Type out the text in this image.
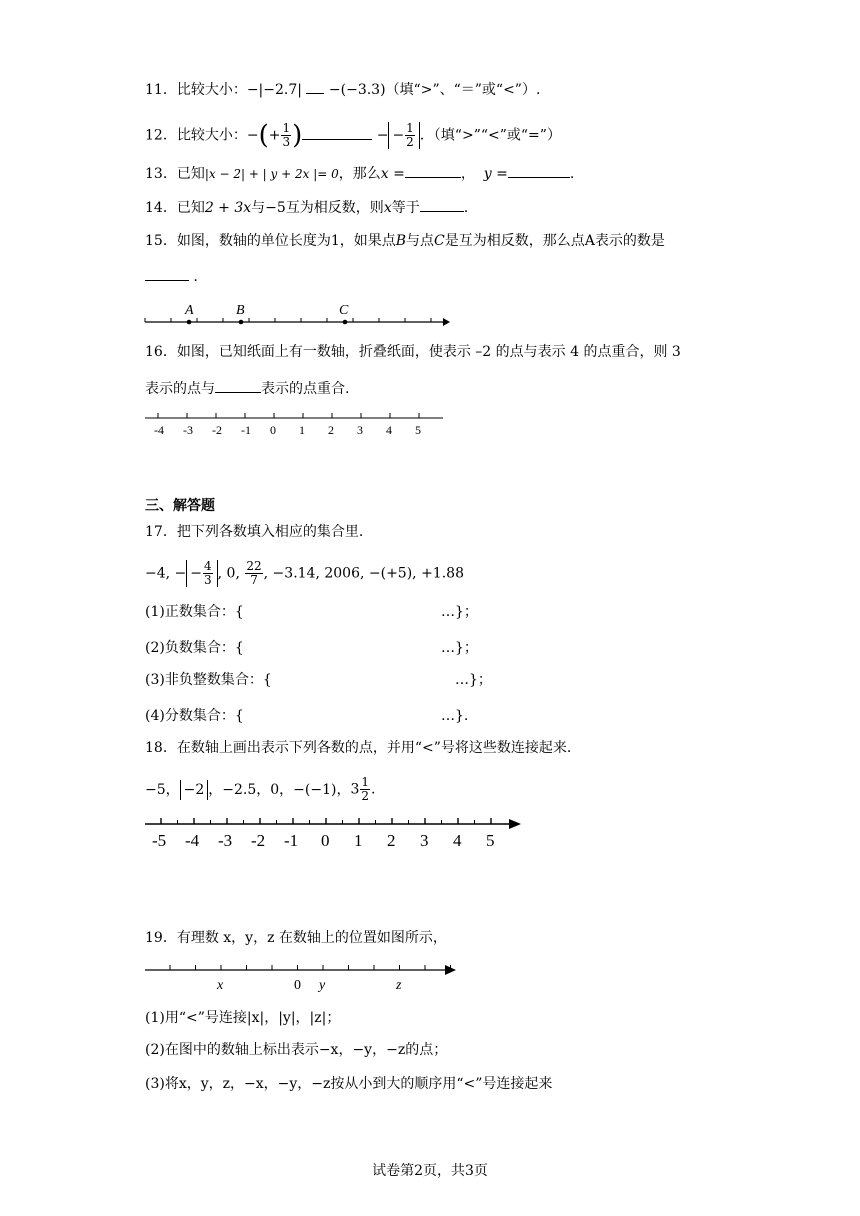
11．比较大小：−|−2.7| −(−3.3)（填“>”、“＝”或“<”）.
12．比较大小：−(+ $\frac{1}{3}$ )	− − $\frac{1}{2}$ ．（填“>”“<”或“=”）
13．已知|x − 2| + | y + 2x |= 0，那么x =	， y =	.
14．已知2 + 3x与−5互为相反数，则x等于	.
15．如图，数轴的单位长度为1，如果点B与点C是互为相反数，那么点A表示的数是
．
A	B	C
16．如图，已知纸面上有一数轴，折叠纸面，使表示 –2 的点与表示 4 的点重合，则 3
表示的点与	表示的点重合.
-4 -3 -2 -1 0 1 2 3 4 5
三、解答题
17．把下列各数填入相应的集合里.
−4, − − $\frac{4}{3}$ , 0, $\frac{22}{7}$ , −3.14, 2006, −(+5), +1.88
(1)正数集合：{	…}；
(2)负数集合：{	…}；
(3)非负整数集合：{	…}；
(4)分数集合：{	…}.
18．在数轴上画出表示下列各数的点，并用“<”号将这些数连接起来.
−5， −2 ，−2.5，0，−(−1)，$3 \frac{1}{2}$ .
-5 -4 -3 -2 -1 0 1 2 3 4 5
19．有理数 x，y，z 在数轴上的位置如图所示，
x	0 y	z
(1)用“<”号连接|x|，|y|，|z|；
(2)在图中的数轴上标出表示−x，−y，−z的点；
(3)将x，y，z，−x，−y，−z按从小到大的顺序用“<”号连接起来
试卷第2页，共3页
